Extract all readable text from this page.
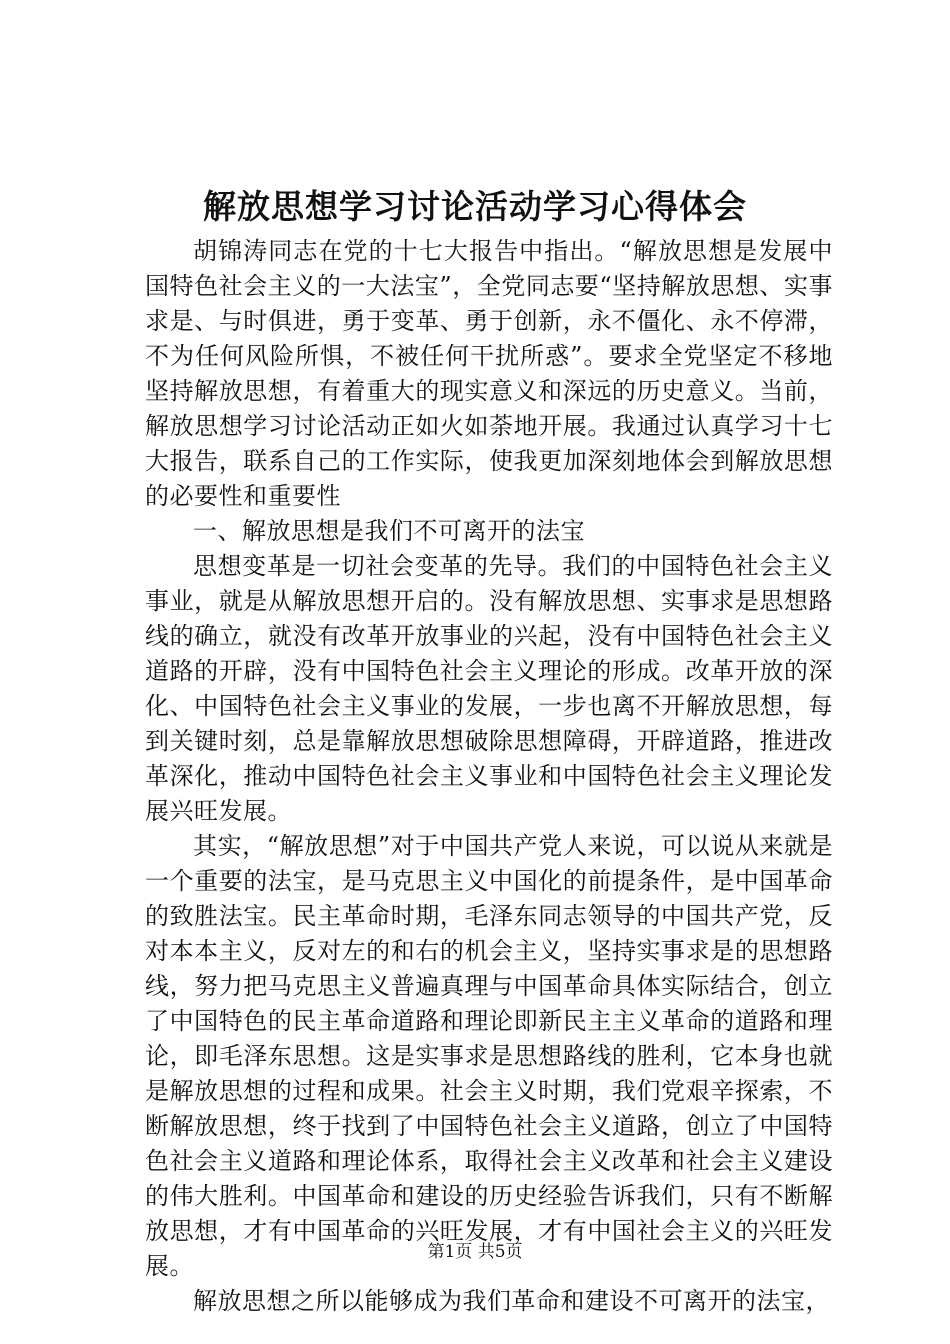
解放思想学习讨论活动学习心得体会

胡锦涛同志在党的十七大报告中指出。“解放思想是发展中国特色社会主义的一大法宝”，全党同志要“坚持解放思想、实事求是、与时俱进，勇于变革、勇于创新，永不僵化、永不停滞，不为任何风险所惧，不被任何干扰所惑”。要求全党坚定不移地坚持解放思想，有着重大的现实意义和深远的历史意义。当前，解放思想学习讨论活动正如火如荼地开展。我通过认真学习十七大报告，联系自己的工作实际，使我更加深刻地体会到解放思想的必要性和重要性

一、解放思想是我们不可离开的法宝

思想变革是一切社会变革的先导。我们的中国特色社会主义事业，就是从解放思想开启的。没有解放思想、实事求是思想路线的确立，就没有改革开放事业的兴起，没有中国特色社会主义道路的开辟，没有中国特色社会主义理论的形成。改革开放的深化、中国特色社会主义事业的发展，一步也离不开解放思想，每到关键时刻，总是靠解放思想破除思想障碍，开辟道路，推进改革深化，推动中国特色社会主义事业和中国特色社会主义理论发展兴旺发展。

其实，“解放思想”对于中国共产党人来说，可以说从来就是一个重要的法宝，是马克思主义中国化的前提条件，是中国革命的致胜法宝。民主革命时期，毛泽东同志领导的中国共产党，反对本本主义，反对左的和右的机会主义，坚持实事求是的思想路线，努力把马克思主义普遍真理与中国革命具体实际结合，创立了中国特色的民主革命道路和理论即新民主主义革命的道路和理论，即毛泽东思想。这是实事求是思想路线的胜利，它本身也就是解放思想的过程和成果。社会主义时期，我们党艰辛探索，不断解放思想，终于找到了中国特色社会主义道路，创立了中国特色社会主义道路和理论体系，取得社会主义改革和社会主义建设的伟大胜利。中国革命和建设的历史经验告诉我们，只有不断解放思想，才有中国革命的兴旺发展，才有中国社会主义的兴旺发展。

解放思想之所以能够成为我们革命和建设不可离开的法宝，

第1页 共5页
